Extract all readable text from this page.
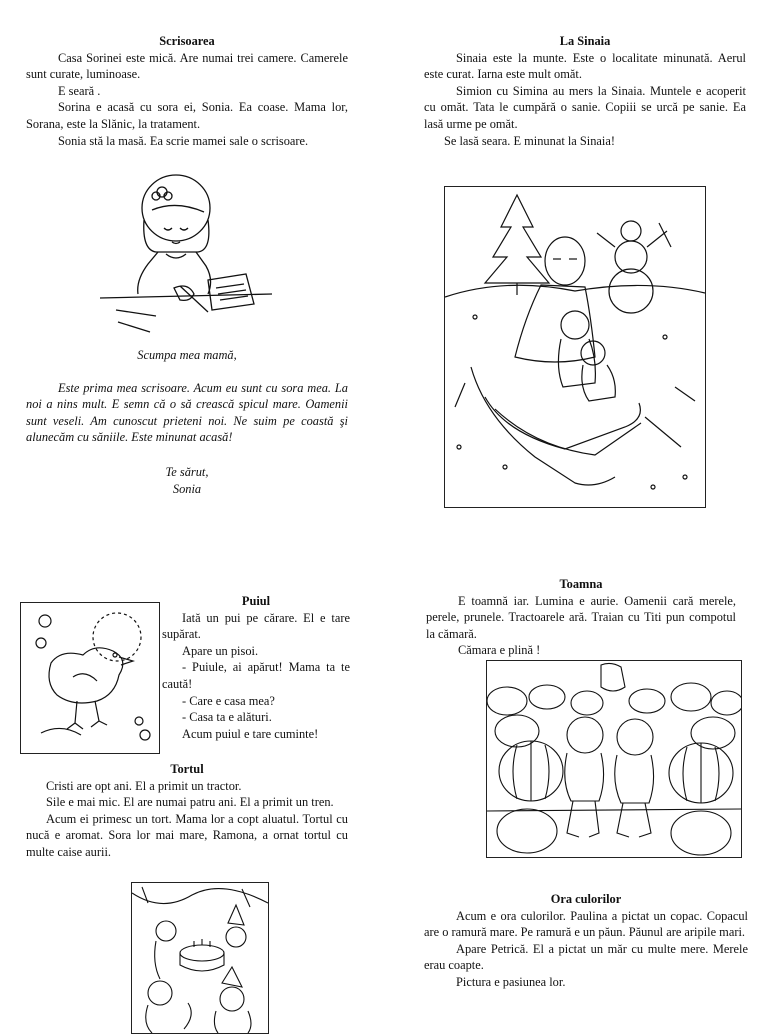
Scrisoarea

Casa Sorinei este mică. Are numai trei camere. Camerele sunt curate, luminoase.

E seară .

Sorina e acasă cu sora ei, Sonia. Ea coase. Mama lor, Sorana, este la Slănic, la tratament.

Sonia stă la masă. Ea scrie mamei sale o scrisoare.

Scumpa mea mamă,

Este prima mea scrisoare. Acum eu sunt cu sora mea. La noi a nins mult. E semn că o să crească spicul mare. Oamenii sunt veseli. Am cunoscut prieteni noi. Ne suim pe coastă şi alunecăm cu săniile. Este minunat acasă!

Te sărut,

Sonia

La Sinaia

Sinaia este la munte. Este o localitate minunată. Aerul este curat. Iarna este mult omăt.

Simion cu Simina au mers la Sinaia. Muntele e acoperit cu omăt. Tata le cumpără o sanie. Copiii se urcă pe sanie. Ea lasă urme pe omăt.

Se lasă seara. E minunat la Sinaia!

Puiul

Iată un pui pe cărare. El e tare supărat.

Apare un pisoi.

- Puiule, ai apărut! Mama ta te caută!

- Care e casa mea?

- Casa ta e alături.

Acum puiul e tare cuminte!

Tortul

Cristi are opt ani. El a primit un tractor.

Sile e mai mic. El are numai patru ani. El a primit un tren.

Acum ei primesc un tort. Mama lor a copt aluatul. Tortul cu nucă e aromat. Sora lor mai mare, Ramona, a ornat tortul cu multe caise aurii.

Toamna

E toamnă iar. Lumina e aurie. Oamenii cară merele, perele, prunele. Tractoarele ară. Traian cu Titi pun compotul la cămară.

Cămara e plină !

Ora culorilor

Acum e ora culorilor. Paulina a pictat un copac. Copacul are o ramură mare. Pe ramură e un păun. Păunul are aripile mari.

Apare Petrică. El a pictat un măr cu multe mere. Merele erau coapte.

Pictura e pasiunea lor.
